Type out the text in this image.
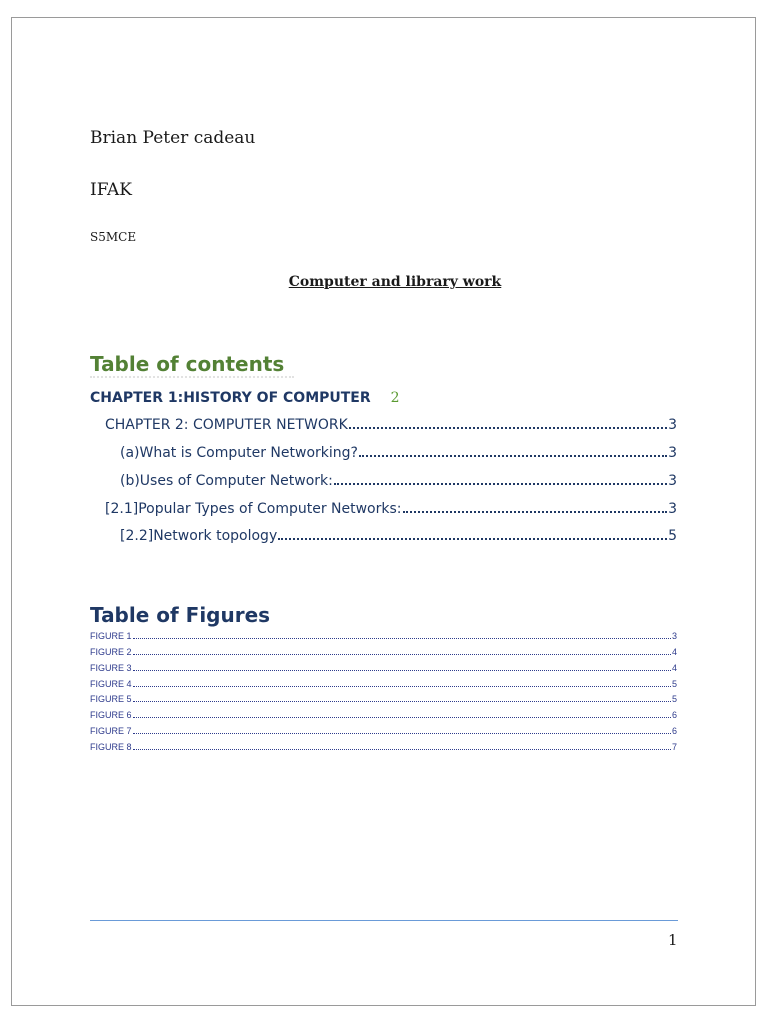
Brian Peter cadeau
IFAK
S5MCE
Computer and library work
Table of contents
CHAPTER 1:HISTORY OF COMPUTER 2
CHAPTER 2: COMPUTER NETWORK	3
(a)What is Computer Networking?	3
(b)Uses of Computer Network:	3
[2.1]Popular Types of Computer Networks:	3
[2.2]Network topology	5
Table of Figures
FIGURE 1	3
FIGURE 2	4
FIGURE 3	4
FIGURE 4	5
FIGURE 5	5
FIGURE 6	6
FIGURE 7	6
FIGURE 8	7
1
